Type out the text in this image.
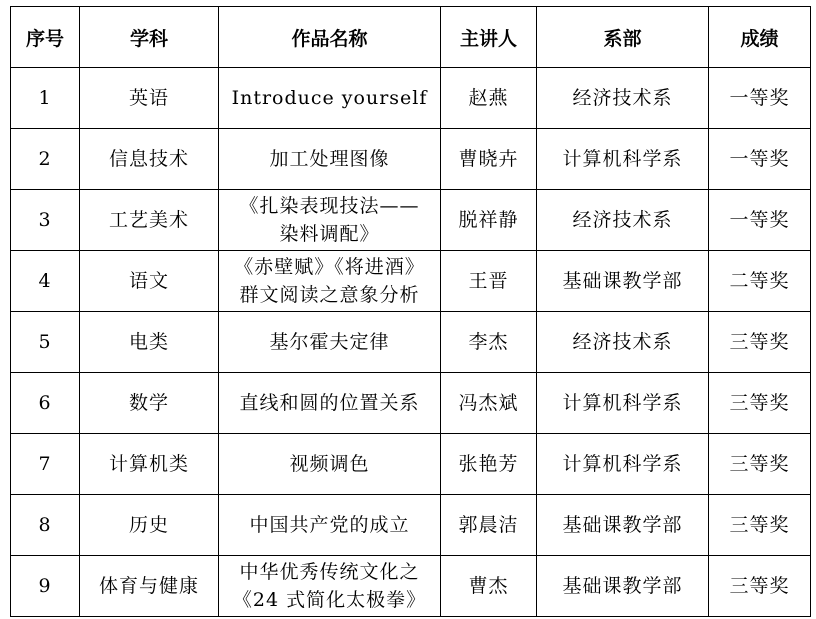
序号	学科	作品名称	主讲人	系部	成绩
1	英语	Introduce yourself	赵燕	经济技术系	一等奖
2	信息技术	加工处理图像	曹晓卉	计算机科学系	一等奖
3	工艺美术	《扎染表现技法——
染料调配》	脱祥静	经济技术系	一等奖
4	语文	《赤壁赋》《将进酒》
群文阅读之意象分析	王晋	基础课教学部	二等奖
5	电类	基尔霍夫定律	李杰	经济技术系	三等奖
6	数学	直线和圆的位置关系	冯杰斌	计算机科学系	三等奖
7	计算机类	视频调色	张艳芳	计算机科学系	三等奖
8	历史	中国共产党的成立	郭晨洁	基础课教学部	三等奖
9	体育与健康	中华优秀传统文化之
《24 式简化太极拳》	曹杰	基础课教学部	三等奖
